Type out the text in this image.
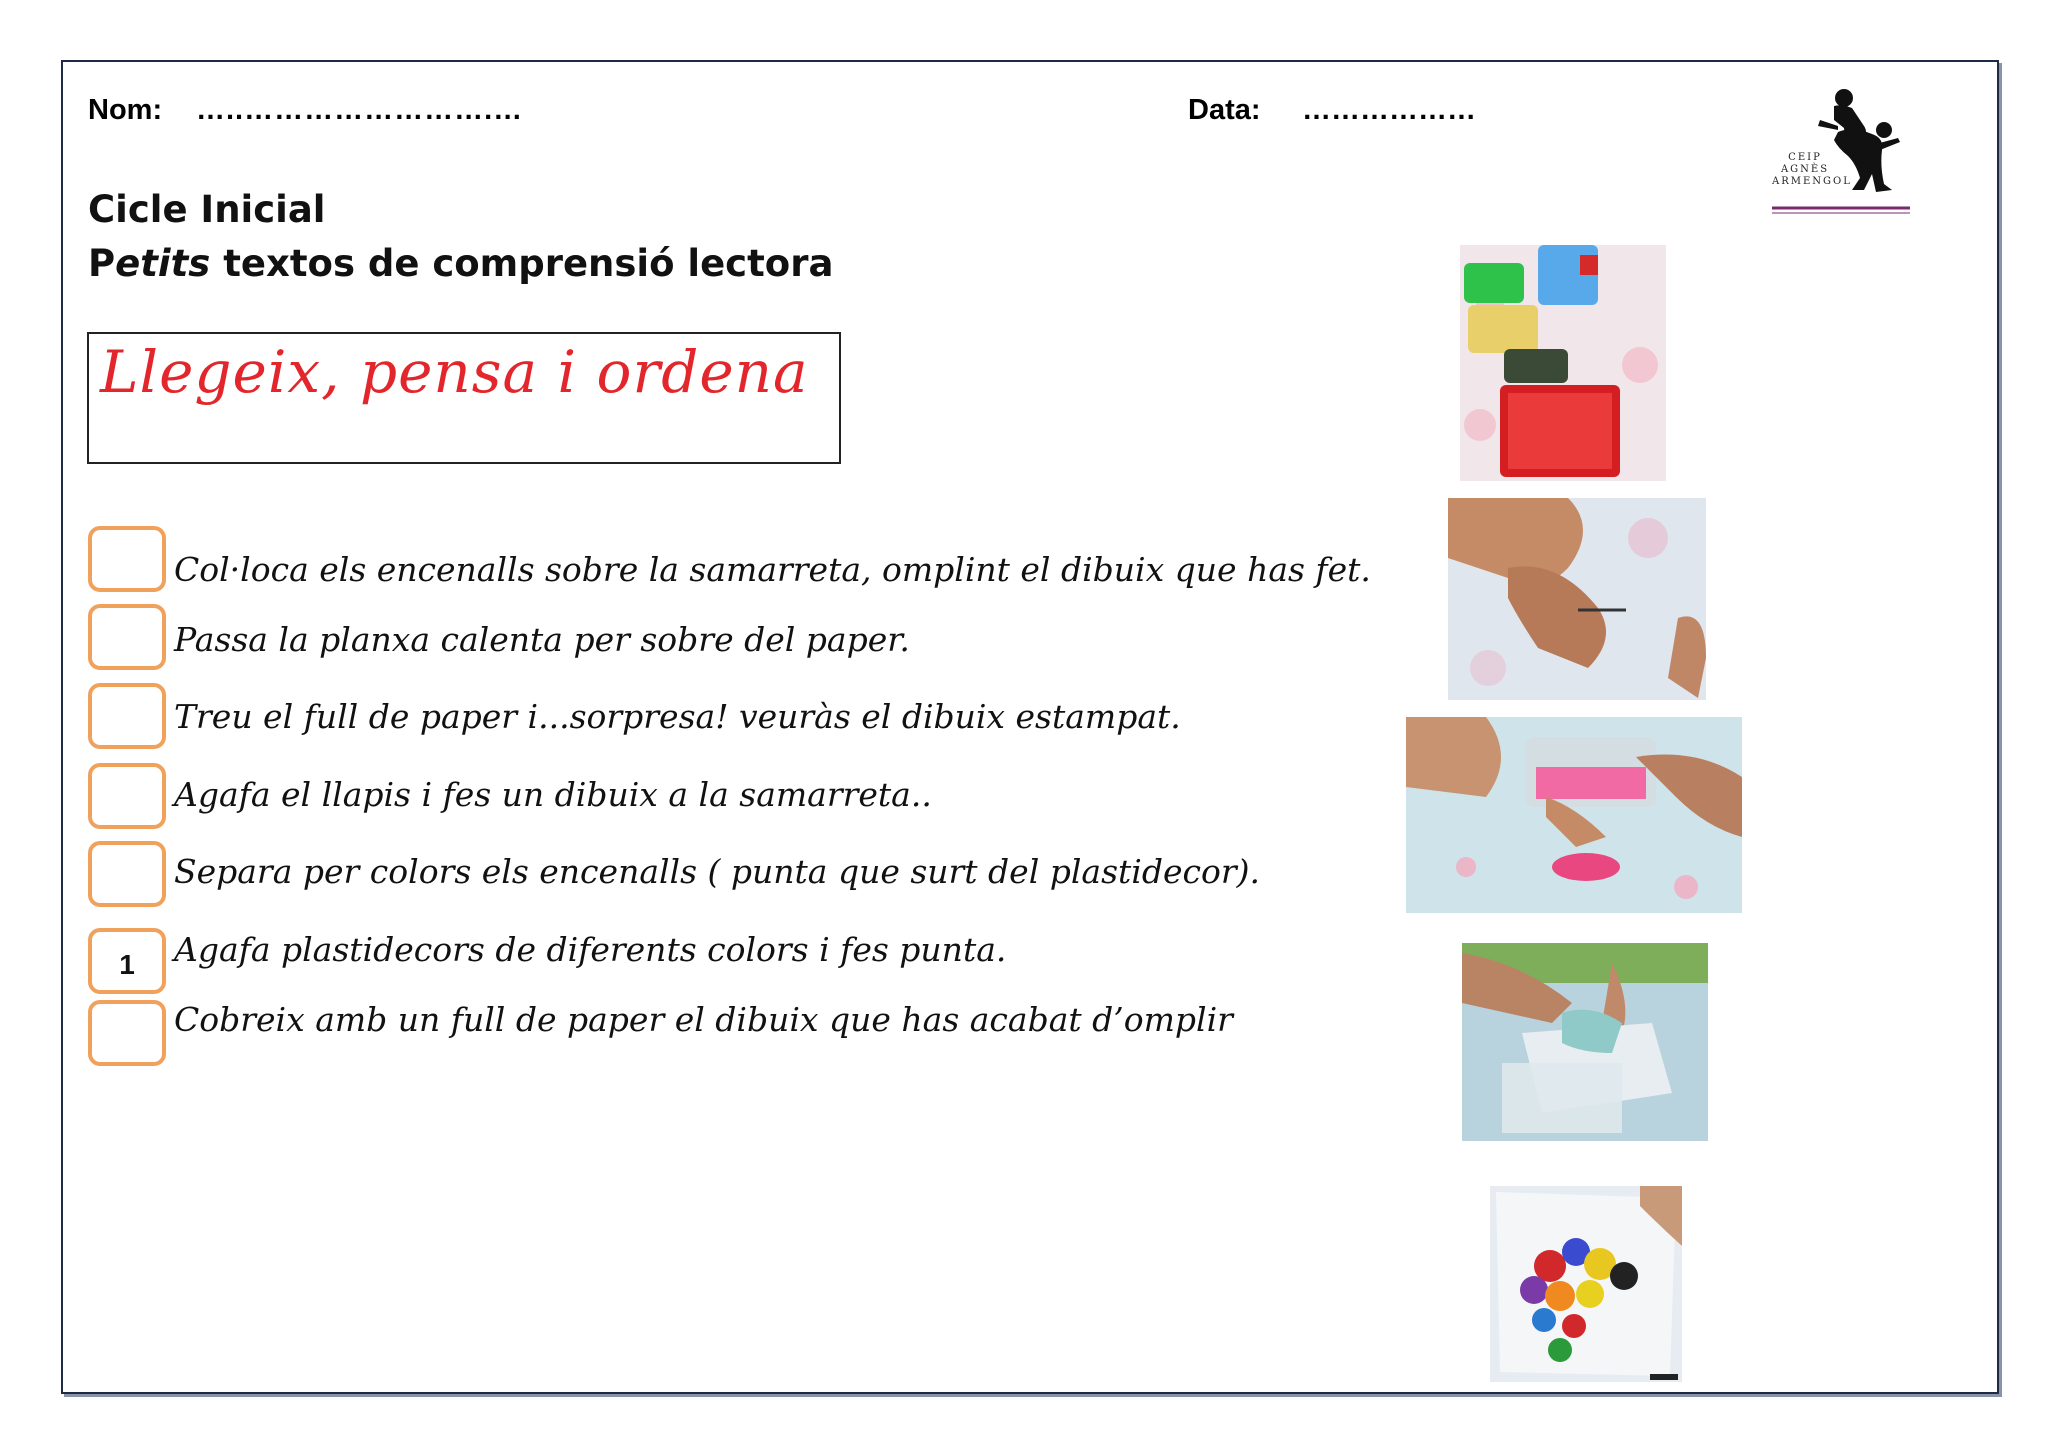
Nom: …..…………………….…	Data: ………………
CEIP
AGNÈS
ARMENGOL
Cicle Inicial
Petits textos de comprensió lectora
Llegeix, pensa i ordena
Col·loca els encenalls sobre la samarreta, omplint el dibuix que has fet.
Passa la planxa calenta per sobre del paper.
Treu el full de paper i...sorpresa! veuràs el dibuix estampat.
Agafa el llapis i fes un dibuix a la samarreta..
Separa per colors els encenalls ( punta que surt del plastidecor).
1	Agafa plastidecors de diferents colors i fes punta.
Cobreix amb un full de paper el dibuix que has acabat d’omplir
